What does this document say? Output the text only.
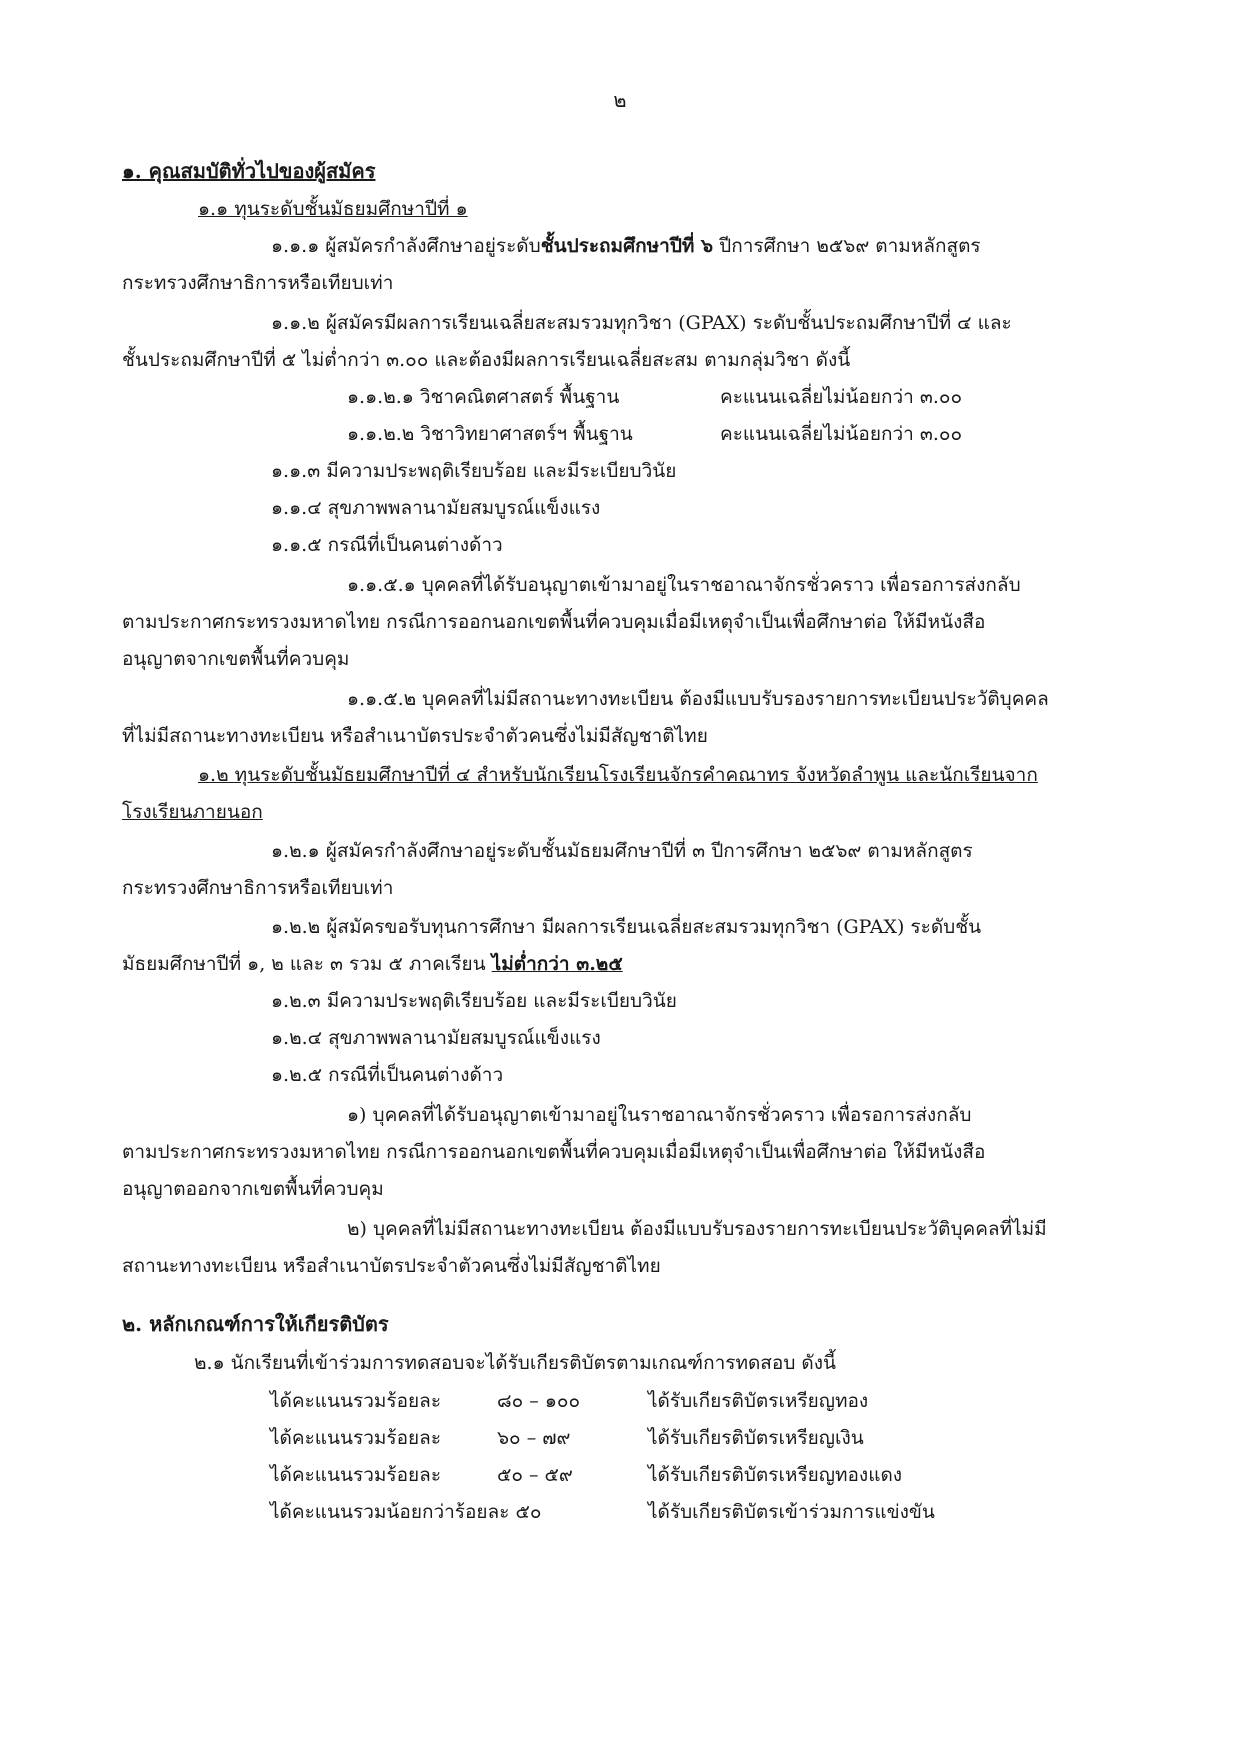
๒

๑. คุณสมบัติทั่วไปของผู้สมัคร

๑.๑ ทุนระดับชั้นมัธยมศึกษาปีที่ ๑

๑.๑.๑ ผู้สมัครกำลังศึกษาอยู่ระดับชั้นประถมศึกษาปีที่ ๖ ปีการศึกษา ๒๕๖๙ ตามหลักสูตร

กระทรวงศึกษาธิการหรือเทียบเท่า

๑.๑.๒ ผู้สมัครมีผลการเรียนเฉลี่ยสะสมรวมทุกวิชา (GPAX) ระดับชั้นประถมศึกษาปีที่ ๔ และ

ชั้นประถมศึกษาปีที่ ๕ ไม่ต่ำกว่า ๓.๐๐ และต้องมีผลการเรียนเฉลี่ยสะสม ตามกลุ่มวิชา ดังนี้

๑.๑.๒.๑ วิชาคณิตศาสตร์ พื้นฐาน	คะแนนเฉลี่ยไม่น้อยกว่า ๓.๐๐

๑.๑.๒.๒ วิชาวิทยาศาสตร์ฯ พื้นฐาน	คะแนนเฉลี่ยไม่น้อยกว่า ๓.๐๐

๑.๑.๓ มีความประพฤติเรียบร้อย และมีระเบียบวินัย

๑.๑.๔ สุขภาพพลานามัยสมบูรณ์แข็งแรง

๑.๑.๕ กรณีที่เป็นคนต่างด้าว

๑.๑.๕.๑ บุคคลที่ได้รับอนุญาตเข้ามาอยู่ในราชอาณาจักรชั่วคราว เพื่อรอการส่งกลับ

ตามประกาศกระทรวงมหาดไทย กรณีการออกนอกเขตพื้นที่ควบคุมเมื่อมีเหตุจำเป็นเพื่อศึกษาต่อ ให้มีหนังสือ

อนุญาตจากเขตพื้นที่ควบคุม

๑.๑.๕.๒ บุคคลที่ไม่มีสถานะทางทะเบียน ต้องมีแบบรับรองรายการทะเบียนประวัติบุคคล

ที่ไม่มีสถานะทางทะเบียน หรือสำเนาบัตรประจำตัวคนซึ่งไม่มีสัญชาติไทย

๑.๒ ทุนระดับชั้นมัธยมศึกษาปีที่ ๔ สำหรับนักเรียนโรงเรียนจักรคำคณาทร จังหวัดลำพูน และนักเรียนจาก

โรงเรียนภายนอก

๑.๒.๑ ผู้สมัครกำลังศึกษาอยู่ระดับชั้นมัธยมศึกษาปีที่ ๓ ปีการศึกษา ๒๕๖๙ ตามหลักสูตร

กระทรวงศึกษาธิการหรือเทียบเท่า

๑.๒.๒ ผู้สมัครขอรับทุนการศึกษา มีผลการเรียนเฉลี่ยสะสมรวมทุกวิชา (GPAX) ระดับชั้น

มัธยมศึกษาปีที่ ๑, ๒ และ ๓ รวม ๕ ภาคเรียน ไม่ต่ำกว่า ๓.๒๕

๑.๒.๓ มีความประพฤติเรียบร้อย และมีระเบียบวินัย

๑.๒.๔ สุขภาพพลานามัยสมบูรณ์แข็งแรง

๑.๒.๕ กรณีที่เป็นคนต่างด้าว

๑) บุคคลที่ได้รับอนุญาตเข้ามาอยู่ในราชอาณาจักรชั่วคราว เพื่อรอการส่งกลับ

ตามประกาศกระทรวงมหาดไทย กรณีการออกนอกเขตพื้นที่ควบคุมเมื่อมีเหตุจำเป็นเพื่อศึกษาต่อ ให้มีหนังสือ

อนุญาตออกจากเขตพื้นที่ควบคุม

๒) บุคคลที่ไม่มีสถานะทางทะเบียน ต้องมีแบบรับรองรายการทะเบียนประวัติบุคคลที่ไม่มี

สถานะทางทะเบียน หรือสำเนาบัตรประจำตัวคนซึ่งไม่มีสัญชาติไทย

๒. หลักเกณฑ์การให้เกียรติบัตร

๒.๑ นักเรียนที่เข้าร่วมการทดสอบจะได้รับเกียรติบัตรตามเกณฑ์การทดสอบ ดังนี้

ได้คะแนนรวมร้อยละ	๘๐ – ๑๐๐	ได้รับเกียรติบัตรเหรียญทอง

ได้คะแนนรวมร้อยละ	๖๐ – ๗๙	ได้รับเกียรติบัตรเหรียญเงิน

ได้คะแนนรวมร้อยละ	๕๐ – ๕๙	ได้รับเกียรติบัตรเหรียญทองแดง

ได้คะแนนรวมน้อยกว่าร้อยละ ๕๐	ได้รับเกียรติบัตรเข้าร่วมการแข่งขัน
